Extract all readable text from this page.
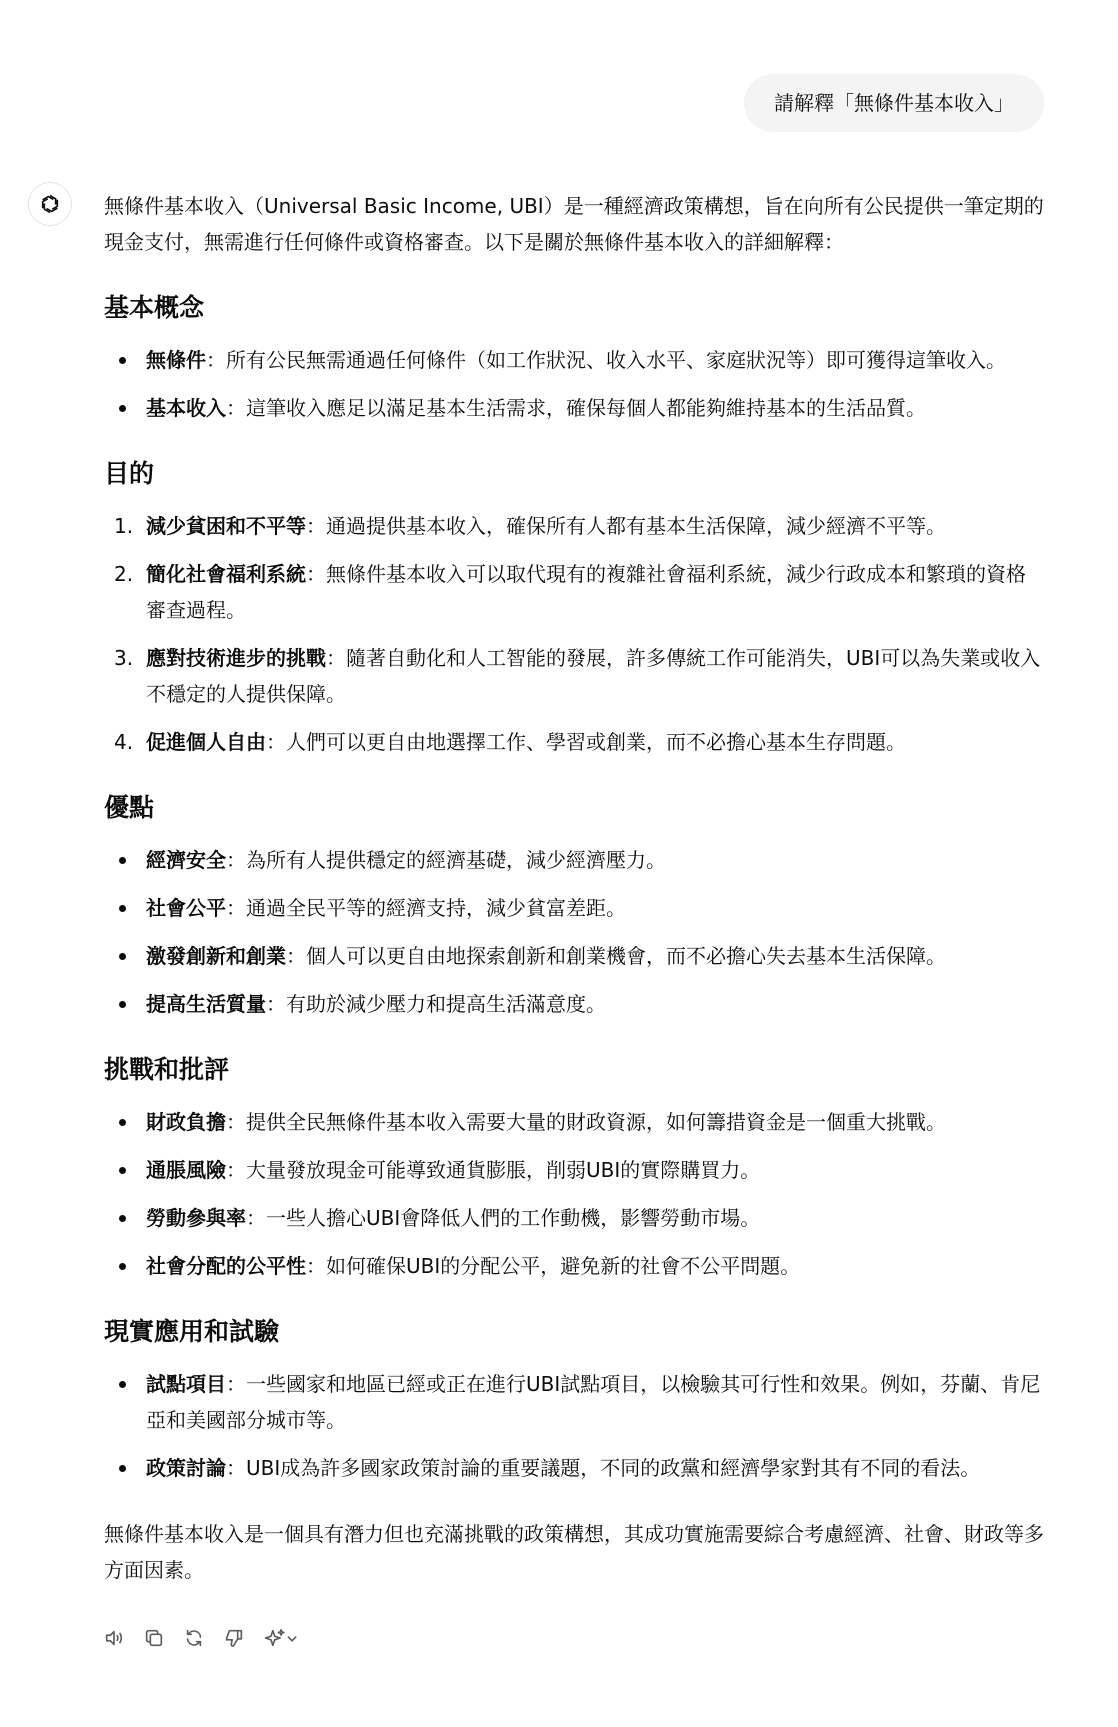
請解釋「無條件基本收入」

無條件基本收入（Universal Basic Income, UBI）是一種經濟政策構想，旨在向所有公民提供一筆定期的現金支付，無需進行任何條件或資格審查。以下是關於無條件基本收入的詳細解釋：

基本概念
無條件：所有公民無需通過任何條件（如工作狀況、收入水平、家庭狀況等）即可獲得這筆收入。
基本收入：這筆收入應足以滿足基本生活需求，確保每個人都能夠維持基本的生活品質。
目的
1. 減少貧困和不平等：通過提供基本收入，確保所有人都有基本生活保障，減少經濟不平等。
2. 簡化社會福利系統：無條件基本收入可以取代現有的複雜社會福利系統，減少行政成本和繁瑣的資格審查過程。
3. 應對技術進步的挑戰：隨著自動化和人工智能的發展，許多傳統工作可能消失，UBI可以為失業或收入不穩定的人提供保障。
4. 促進個人自由：人們可以更自由地選擇工作、學習或創業，而不必擔心基本生存問題。
優點
經濟安全：為所有人提供穩定的經濟基礎，減少經濟壓力。
社會公平：通過全民平等的經濟支持，減少貧富差距。
激發創新和創業：個人可以更自由地探索創新和創業機會，而不必擔心失去基本生活保障。
提高生活質量：有助於減少壓力和提高生活滿意度。
挑戰和批評
財政負擔：提供全民無條件基本收入需要大量的財政資源，如何籌措資金是一個重大挑戰。
通脹風險：大量發放現金可能導致通貨膨脹，削弱UBI的實際購買力。
勞動參與率：一些人擔心UBI會降低人們的工作動機，影響勞動市場。
社會分配的公平性：如何確保UBI的分配公平，避免新的社會不公平問題。
現實應用和試驗
試點項目：一些國家和地區已經或正在進行UBI試點項目，以檢驗其可行性和效果。例如，芬蘭、肯尼亞和美國部分城市等。
政策討論：UBI成為許多國家政策討論的重要議題，不同的政黨和經濟學家對其有不同的看法。

無條件基本收入是一個具有潛力但也充滿挑戰的政策構想，其成功實施需要綜合考慮經濟、社會、財政等多方面因素。
